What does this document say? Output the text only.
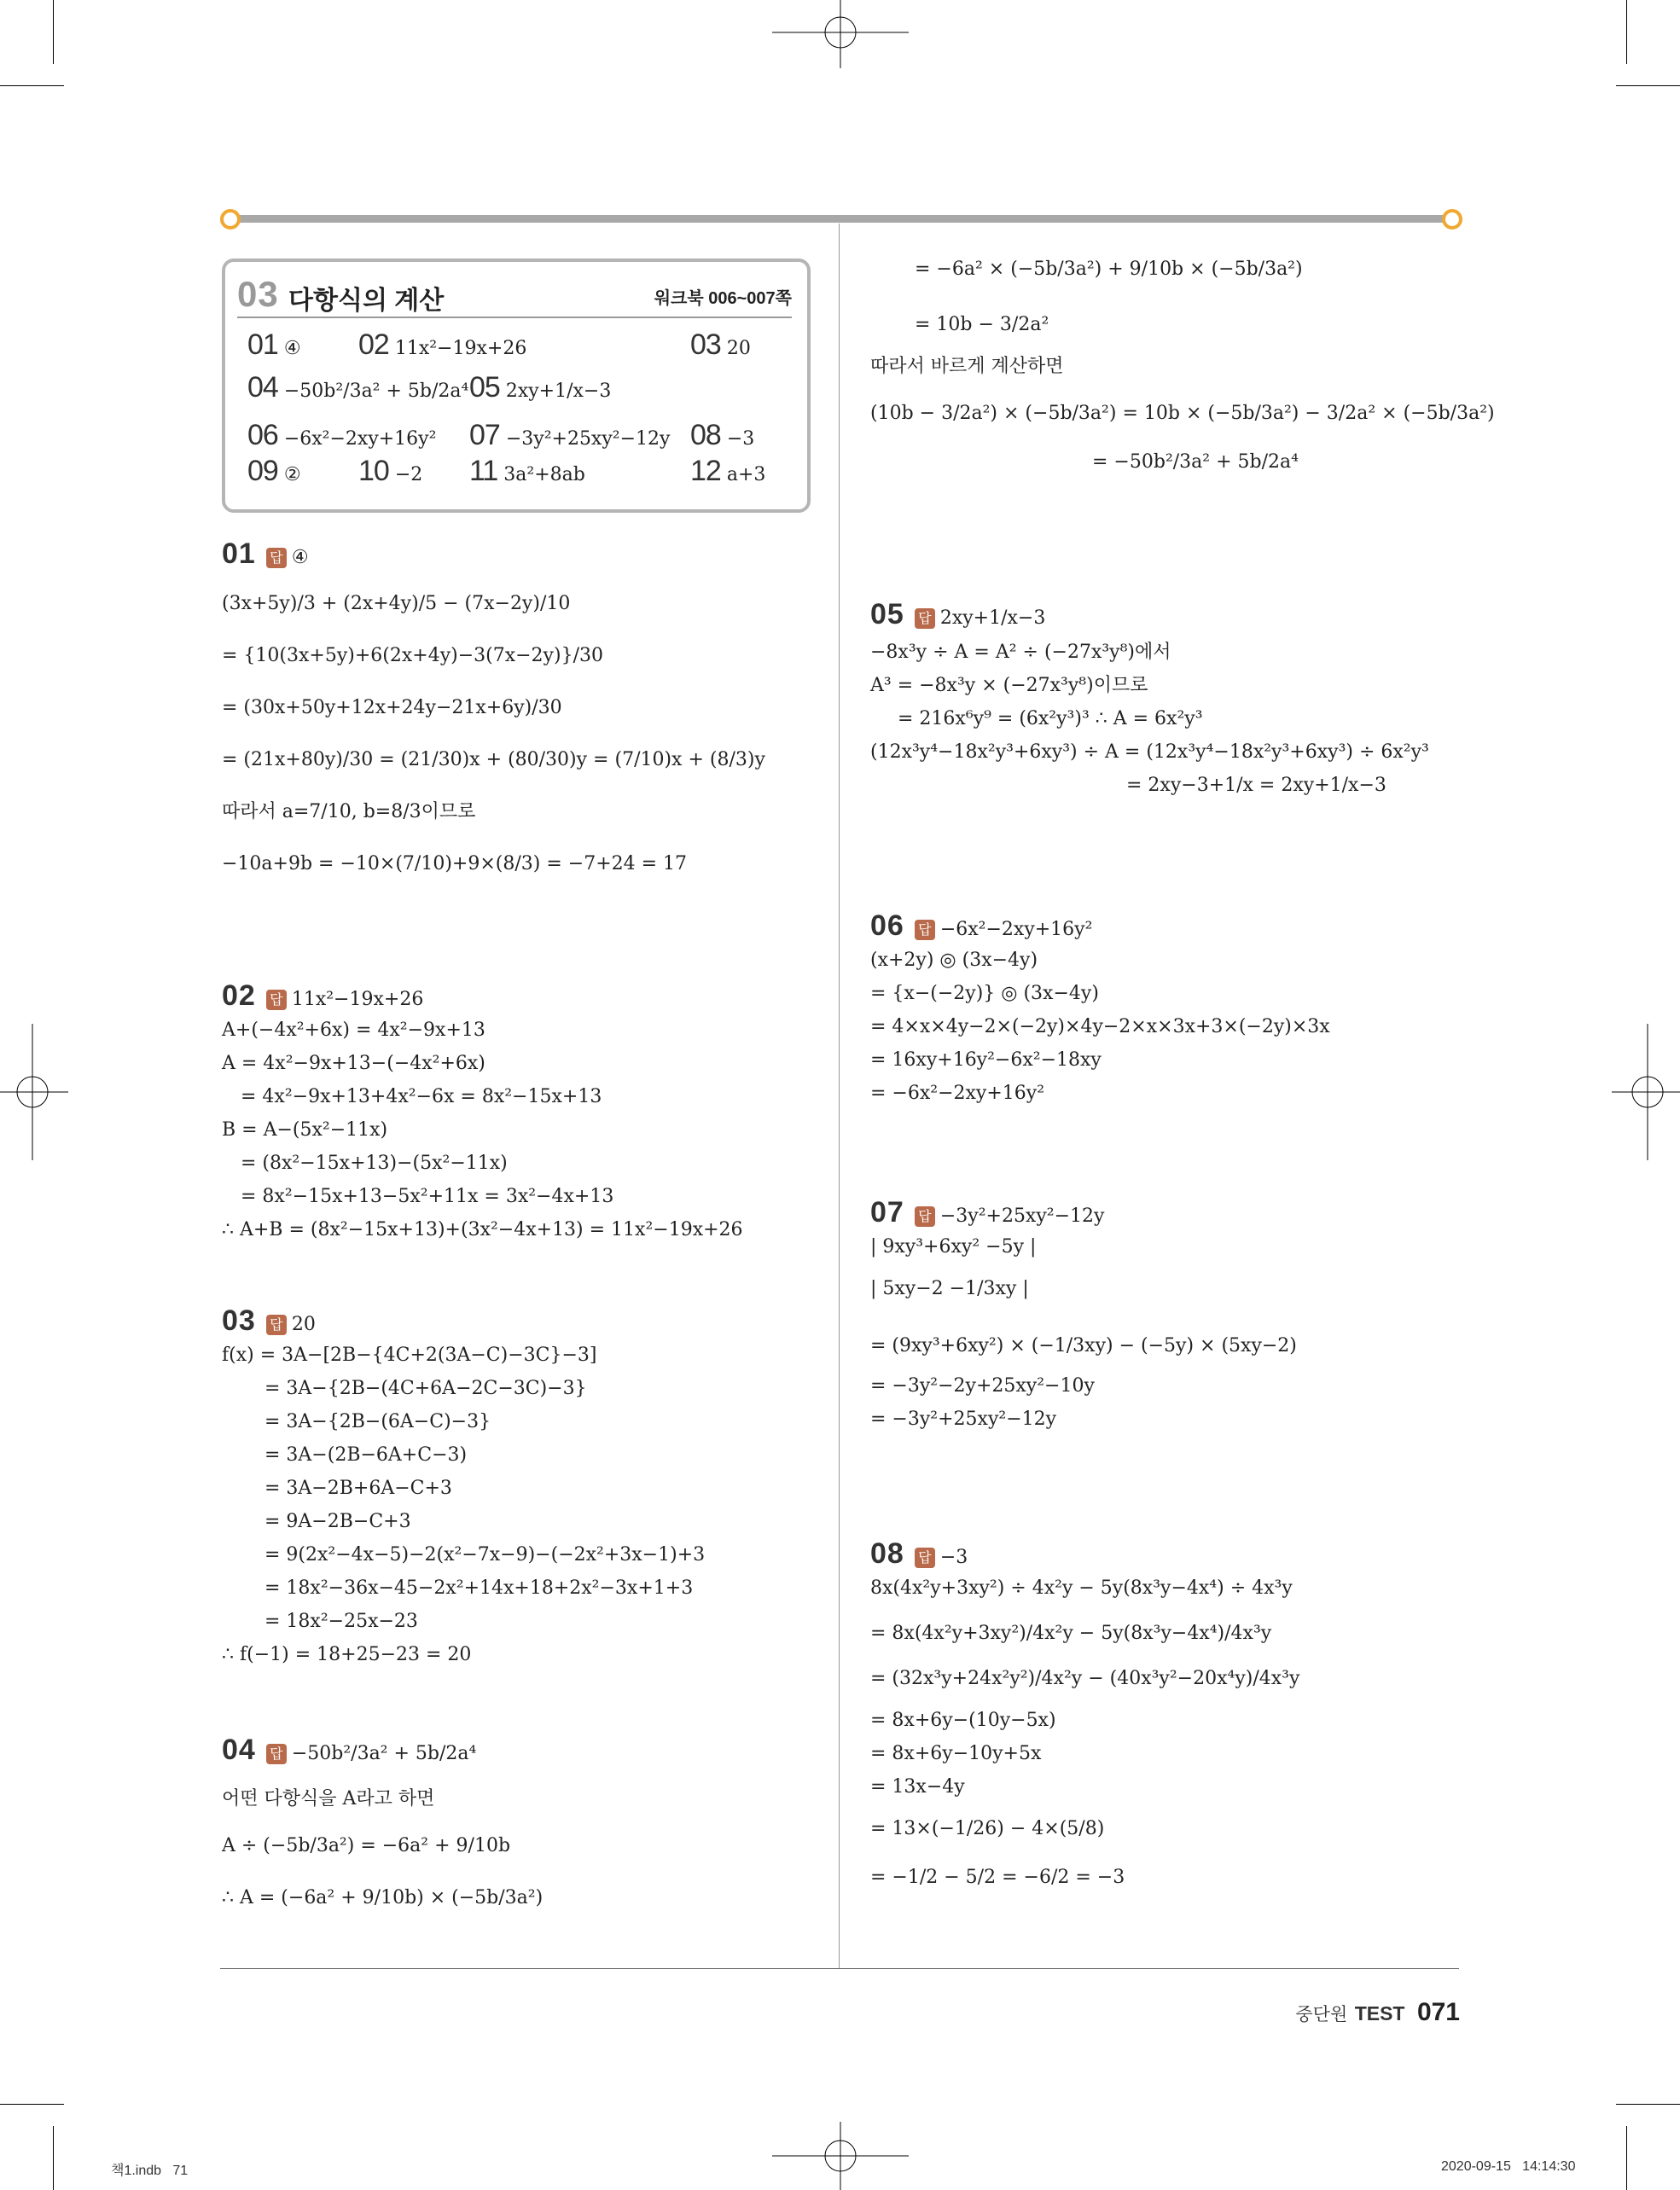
03 다항식의 계산	워크북 006~007쪽
01 ④ 02 11x²−19x+26	03 20
04 −50b²/3a² + 5b/2a⁴ 05 2xy+1/x−3
06 −6x²−2xy+16y² 07 −3y²+25xy²−12y 08 −3
09 ② 10 −2 11 3a²+8ab	12 a+3
01 답 ④
(3x+5y)/3 + (2x+4y)/5 − (7x−2y)/10
= {10(3x+5y)+6(2x+4y)−3(7x−2y)}/30
= (30x+50y+12x+24y−21x+6y)/30
= (21x+80y)/30 = (21/30)x + (80/30)y = (7/10)x + (8/3)y
따라서 a=7/10, b=8/3이므로
−10a+9b = −10×(7/10)+9×(8/3) = −7+24 = 17
02 답 11x²−19x+26
A+(−4x²+6x) = 4x²−9x+13
A = 4x²−9x+13−(−4x²+6x)
= 4x²−9x+13+4x²−6x = 8x²−15x+13
B = A−(5x²−11x)
= (8x²−15x+13)−(5x²−11x)
= 8x²−15x+13−5x²+11x = 3x²−4x+13
∴ A+B = (8x²−15x+13)+(3x²−4x+13) = 11x²−19x+26
03 답 20
f(x) = 3A−[2B−{4C+2(3A−C)−3C}−3]
= 3A−{2B−(4C+6A−2C−3C)−3}
= 3A−{2B−(6A−C)−3}
= 3A−(2B−6A+C−3)
= 3A−2B+6A−C+3
= 9A−2B−C+3
= 9(2x²−4x−5)−2(x²−7x−9)−(−2x²+3x−1)+3
= 18x²−36x−45−2x²+14x+18+2x²−3x+1+3
= 18x²−25x−23
∴ f(−1) = 18+25−23 = 20
04 답 −50b²/3a² + 5b/2a⁴
어떤 다항식을 A라고 하면
A ÷ (−5b/3a²) = −6a² + 9/10b
∴ A = (−6a² + 9/10b) × (−5b/3a²)
= −6a² × (−5b/3a²) + 9/10b × (−5b/3a²)
= 10b − 3/2a²
따라서 바르게 계산하면
(10b − 3/2a²) × (−5b/3a²) = 10b × (−5b/3a²) − 3/2a² × (−5b/3a²)
= −50b²/3a² + 5b/2a⁴
05 답 2xy+1/x−3
−8x³y ÷ A = A² ÷ (−27x³y⁸)에서
A³ = −8x³y × (−27x³y⁸)이므로
= 216x⁶y⁹ = (6x²y³)³ ∴ A = 6x²y³
(12x³y⁴−18x²y³+6xy³) ÷ A = (12x³y⁴−18x²y³+6xy³) ÷ 6x²y³
= 2xy−3+1/x = 2xy+1/x−3
06 답 −6x²−2xy+16y²
(x+2y) ◎ (3x−4y)
= {x−(−2y)} ◎ (3x−4y)
= 4×x×4y−2×(−2y)×4y−2×x×3x+3×(−2y)×3x
= 16xy+16y²−6x²−18xy
= −6x²−2xy+16y²
07 답 −3y²+25xy²−12y
| 9xy³+6xy² −5y |
| 5xy−2 −1/3xy |
= (9xy³+6xy²) × (−1/3xy) − (−5y) × (5xy−2)
= −3y²−2y+25xy²−10y
= −3y²+25xy²−12y
08 답 −3
8x(4x²y+3xy²) ÷ 4x²y − 5y(8x³y−4x⁴) ÷ 4x³y
= 8x(4x²y+3xy²)/4x²y − 5y(8x³y−4x⁴)/4x³y
= (32x³y+24x²y²)/4x²y − (40x³y²−20x⁴y)/4x³y
= 8x+6y−(10y−5x)
= 8x+6y−10y+5x
= 13x−4y
= 13×(−1/26) − 4×(5/8)
= −1/2 − 5/2 = −6/2 = −3
중단원 TEST 071
책1.indb   71	2020-09-15   14:14:30
